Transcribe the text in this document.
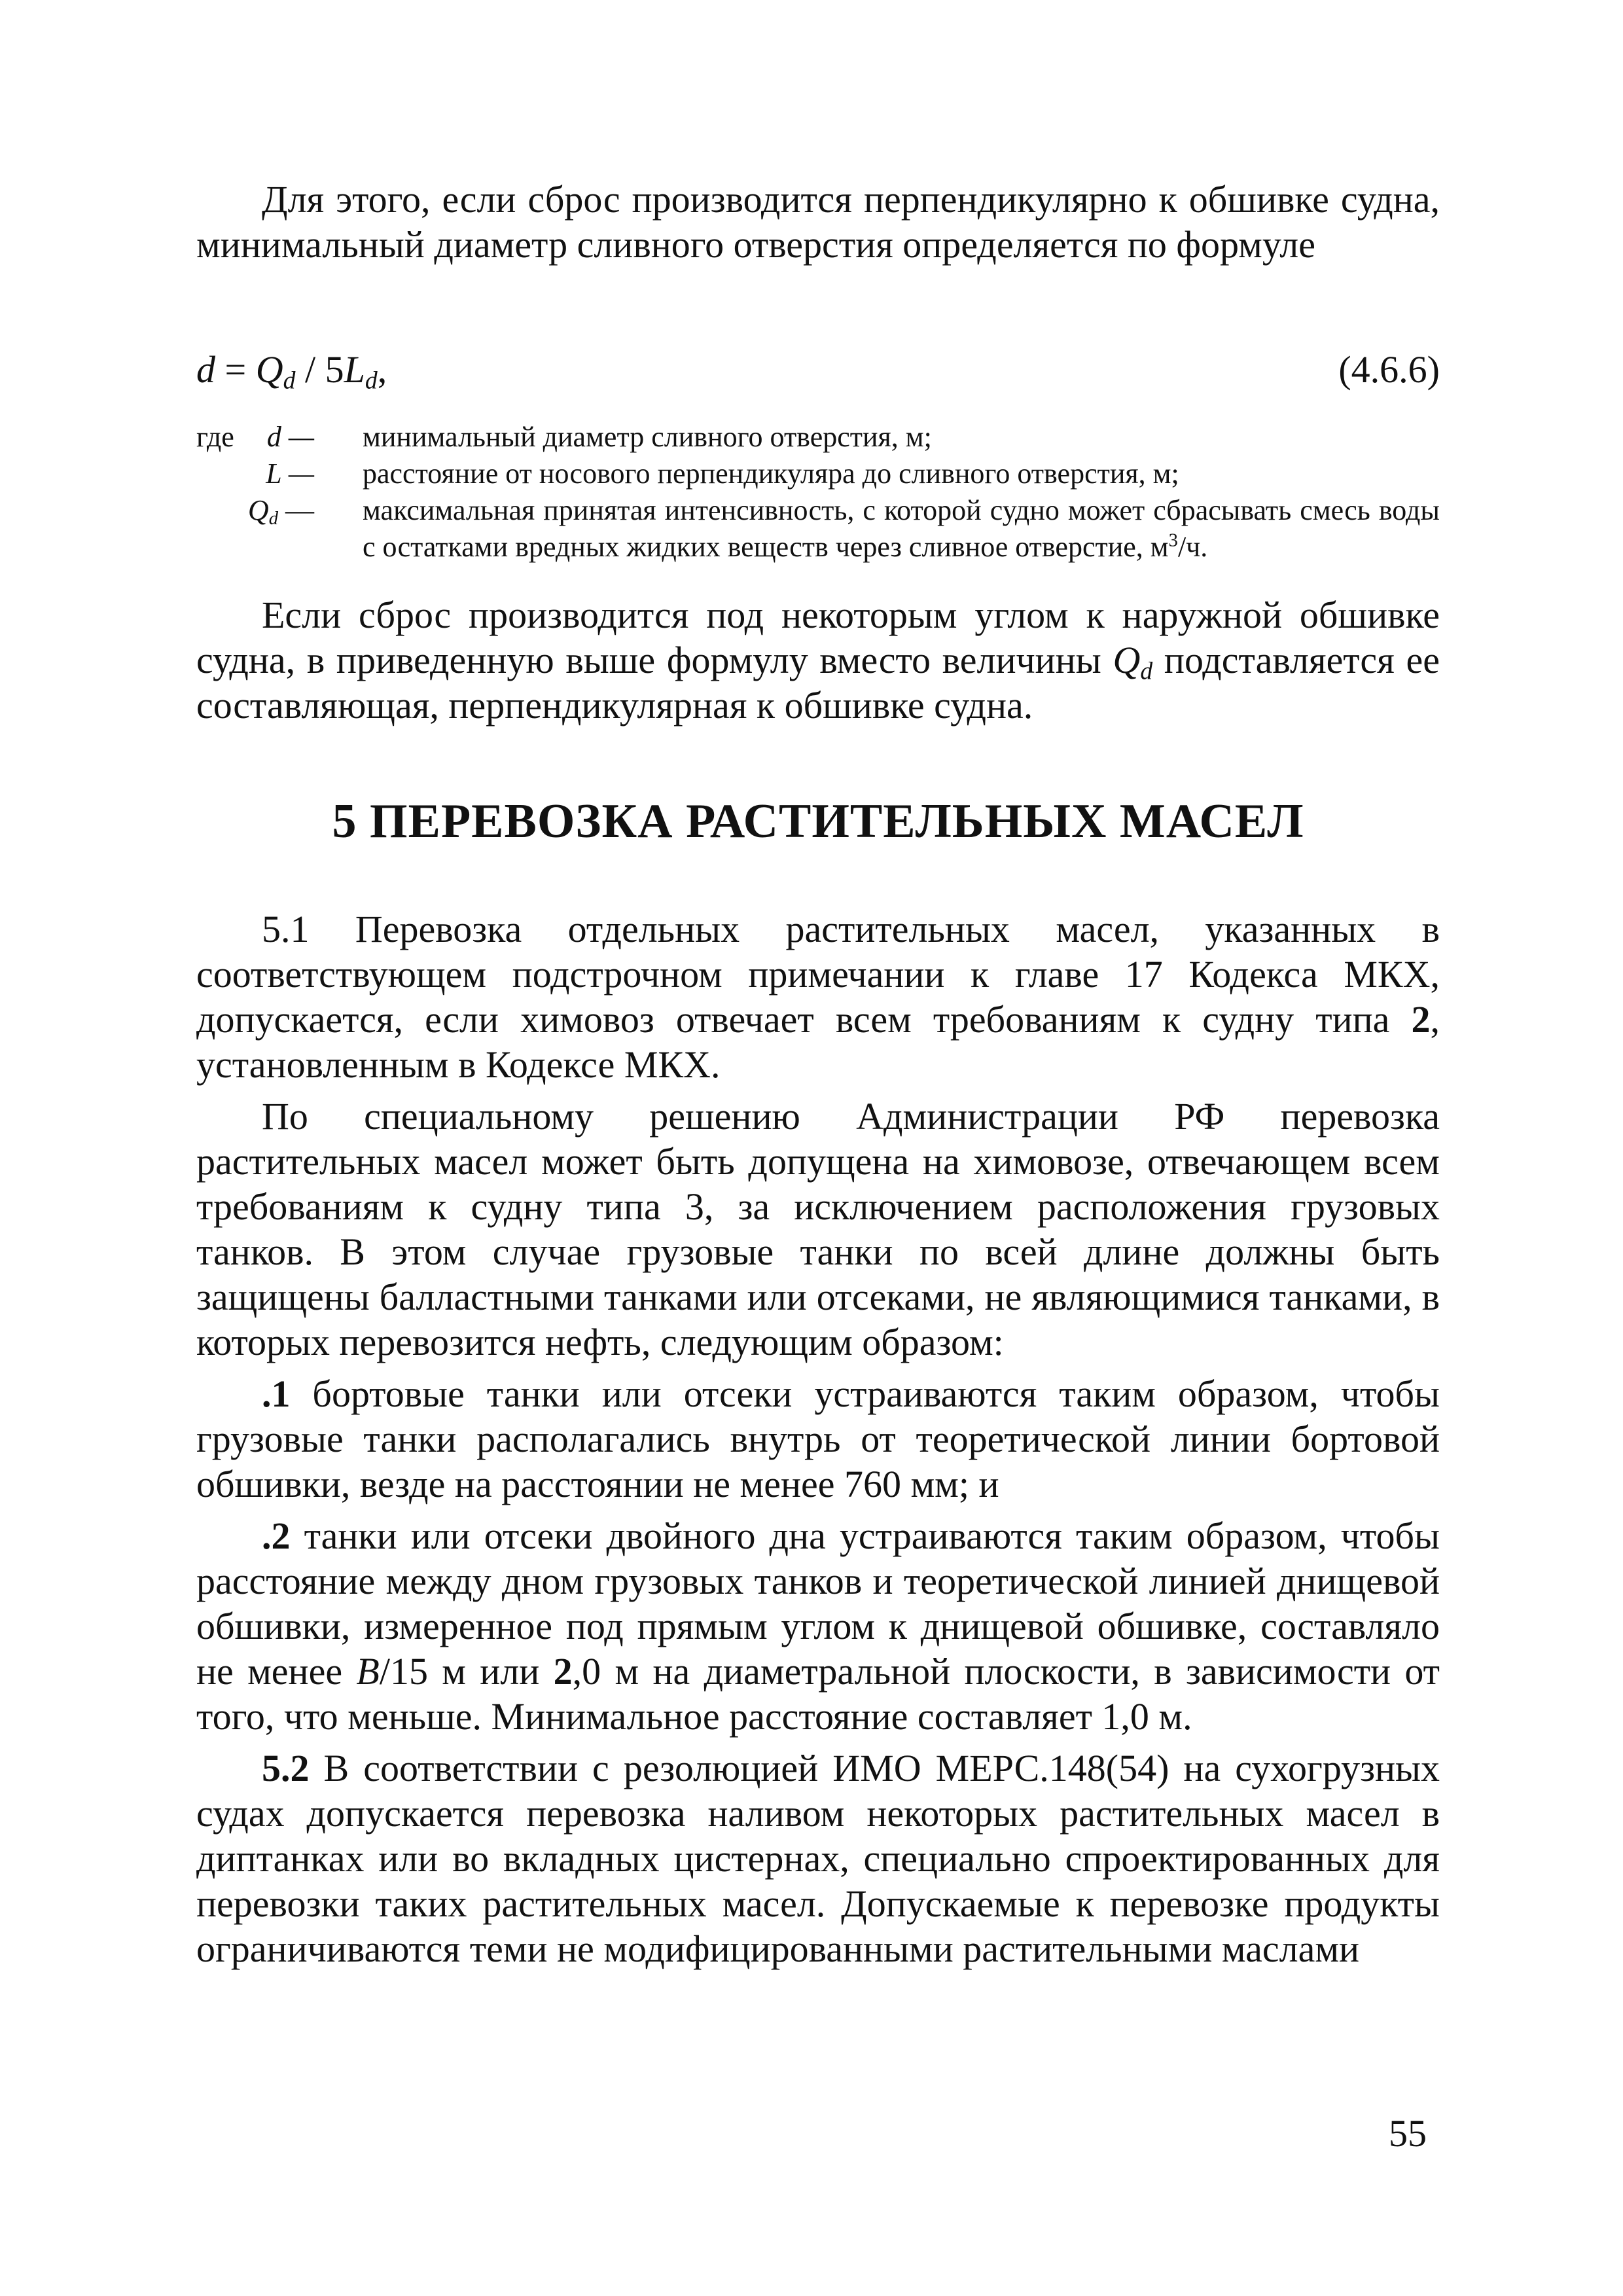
Для этого, если сброс производится перпендикулярно к обшивке судна, минимальный диаметр сливного отверстия определяется по формуле

$d = Q_d / 5L_d$,	(4.6.6)
где d — минимальный диаметр сливного отверстия, м;
L — расстояние от носового перпендикуляра до сливного отверстия, м;
$Q_d$ — максимальная принятая интенсивность, с которой судно может сбрасывать смесь воды с остатками вредных жидких веществ через сливное отверстие, $м^3/ч$.

Если сброс производится под некоторым углом к наружной обшивке судна, в приведенную выше формулу вместо величины $Q_d$ подставляется ее составляющая, перпендикулярная к обшивке судна.

5 ПЕРЕВОЗКА РАСТИТЕЛЬНЫХ МАСЕЛ

5.1 Перевозка отдельных растительных масел, указанных в соответствующем подстрочном примечании к главе 17 Кодекса МКХ, допускается, если химовоз отвечает всем требованиям к судну типа 2, установленным в Кодексе МКХ.

По специальному решению Администрации РФ перевозка растительных масел может быть допущена на химовозе, отвечающем всем требованиям к судну типа 3, за исключением расположения грузовых танков. В этом случае грузовые танки по всей длине должны быть защищены балластными танками или отсеками, не являющимися танками, в которых перевозится нефть, следующим образом:

.1 бортовые танки или отсеки устраиваются таким образом, чтобы грузовые танки располагались внутрь от теоретической линии бортовой обшивки, везде на расстоянии не менее 760 мм; и

.2 танки или отсеки двойного дна устраиваются таким образом, чтобы расстояние между дном грузовых танков и теоретической линией днищевой обшивки, измеренное под прямым углом к днищевой обшивке, составляло не менее B/15 м или 2,0 м на диаметральной плоскости, в зависимости от того, что меньше. Минимальное расстояние составляет 1,0 м.

5.2 В соответствии с резолюцией ИМО МЕРС.148(54) на сухогрузных судах допускается перевозка наливом некоторых растительных масел в диптанках или во вкладных цистернах, специально спроектированных для перевозки таких растительных масел. Допускаемые к перевозке продукты ограничиваются теми не модифицированными растительными маслами

55
